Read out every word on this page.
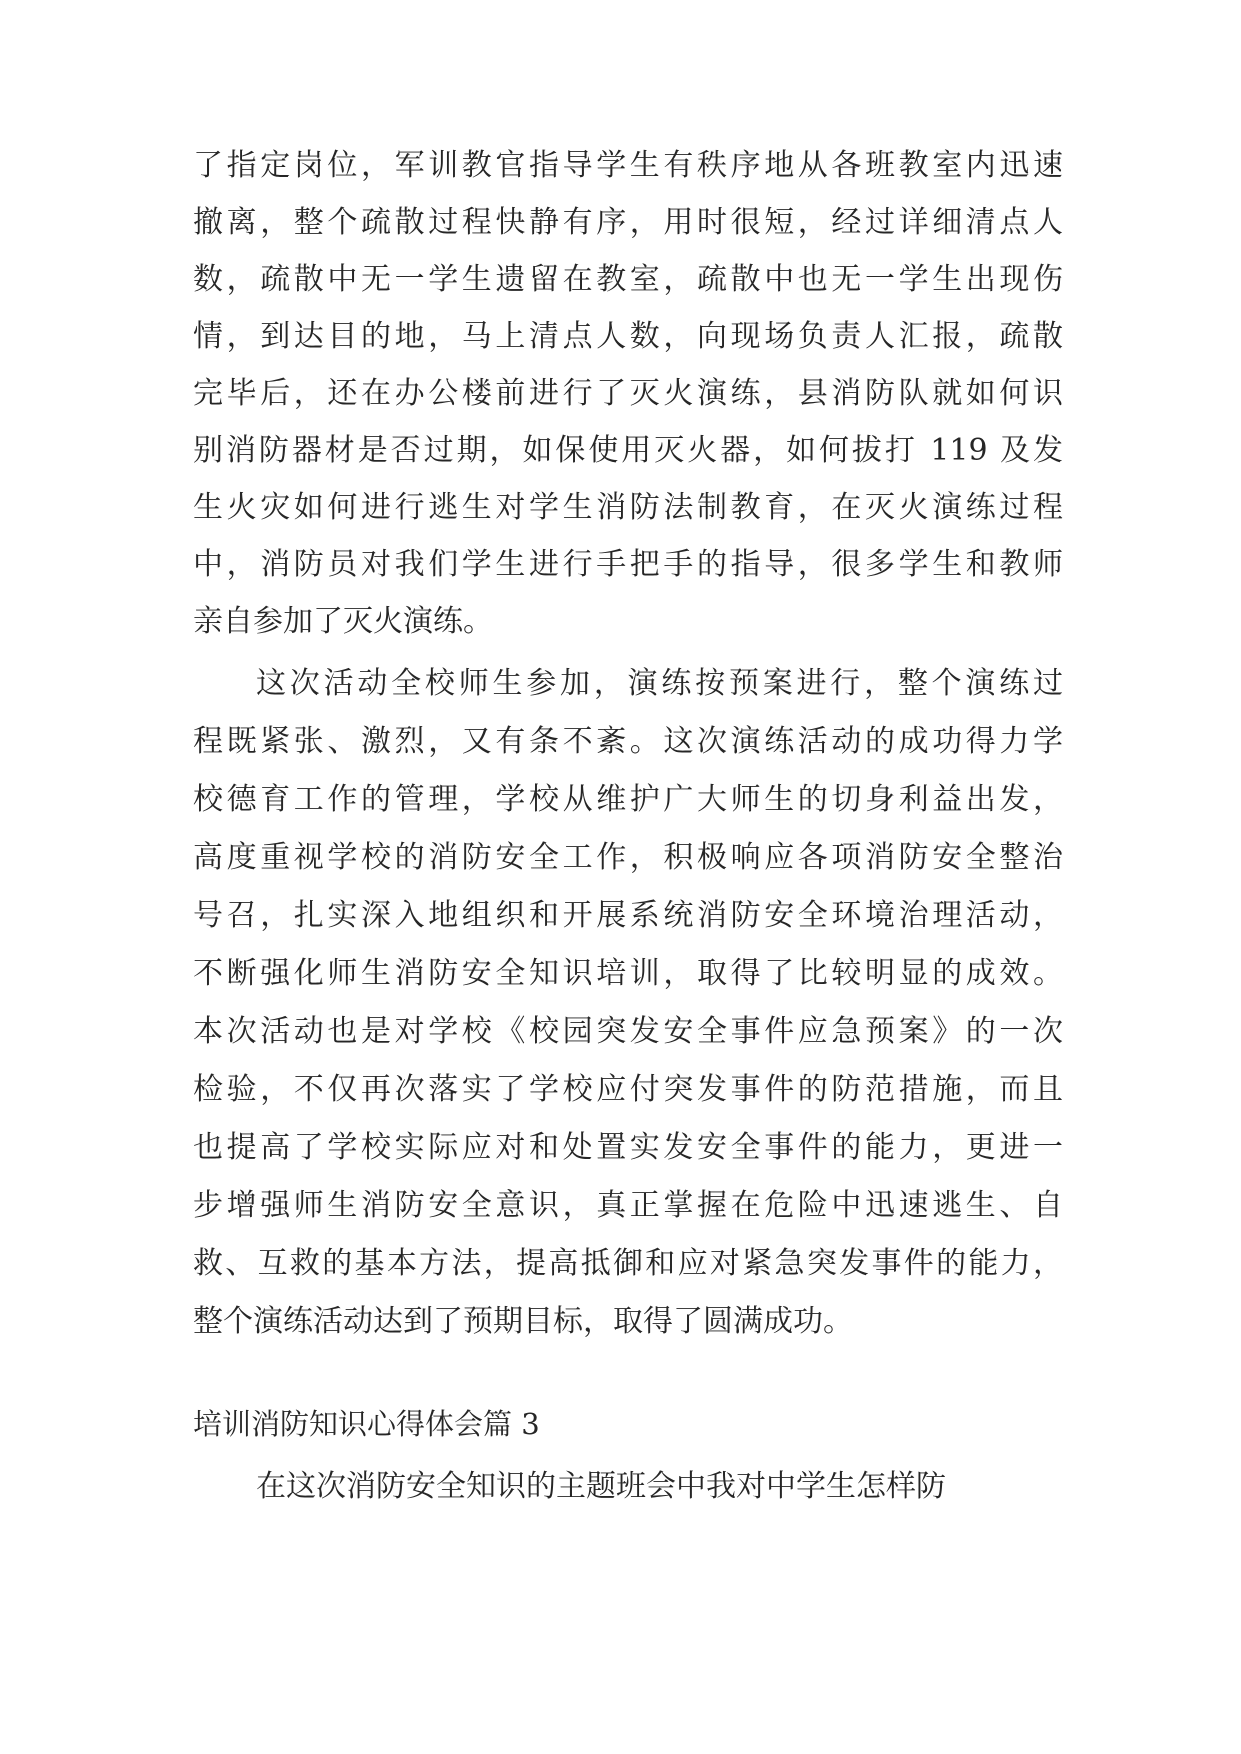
了指定岗位，军训教官指导学生有秩序地从各班教室内迅速
撤离，整个疏散过程快静有序，用时很短，经过详细清点人
数，疏散中无一学生遗留在教室，疏散中也无一学生出现伤
情，到达目的地，马上清点人数，向现场负责人汇报，疏散
完毕后，还在办公楼前进行了灭火演练，县消防队就如何识
别消防器材是否过期，如保使用灭火器，如何拔打 119 及发
生火灾如何进行逃生对学生消防法制教育，在灭火演练过程
中，消防员对我们学生进行手把手的指导，很多学生和教师
亲自参加了灭火演练。
这次活动全校师生参加，演练按预案进行，整个演练过
程既紧张、激烈，又有条不紊。这次演练活动的成功得力学
校德育工作的管理，学校从维护广大师生的切身利益出发，
高度重视学校的消防安全工作，积极响应各项消防安全整治
号召，扎实深入地组织和开展系统消防安全环境治理活动，
不断强化师生消防安全知识培训，取得了比较明显的成效。
本次活动也是对学校《校园突发安全事件应急预案》的一次
检验，不仅再次落实了学校应付突发事件的防范措施，而且
也提高了学校实际应对和处置实发安全事件的能力，更进一
步增强师生消防安全意识，真正掌握在危险中迅速逃生、自
救、互救的基本方法，提高抵御和应对紧急突发事件的能力，
整个演练活动达到了预期目标，取得了圆满成功。
培训消防知识心得体会篇 3
在这次消防安全知识的主题班会中我对中学生怎样防
